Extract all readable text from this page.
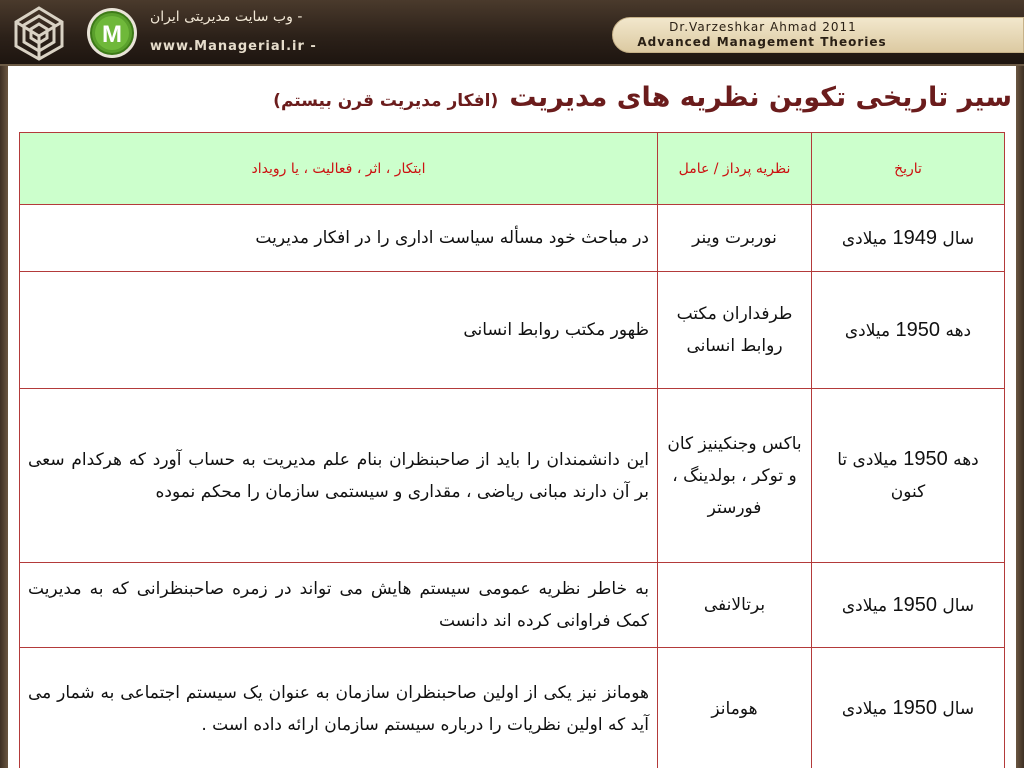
M
- وب سایت مدیریتی ایران
www.Managerial.ir -
Dr.Varzeshkar Ahmad 2011
Advanced Management Theories
سیر تاریخی تکوین نظریه های مدیریت (افکار مدیریت قرن بیستم)
تاریخ	نظریه پرداز / عامل	ابتکار ، اثر ، فعالیت ، یا رویداد
سال 1949 میلادی	نوربرت وینر	در مباحث خود مسأله سیاست اداری را در افکار مدیریت
دهه 1950 میلادی	طرفداران مکتب روابط انسانی	ظهور مکتب روابط انسانی
دهه 1950 میلادی تا کنون	باکس وجنکینیز کان و توکر ، بولدینگ ، فورستر	این دانشمندان را باید از صاحبنظران بنام علم مدیریت به حساب آورد که هرکدام سعی بر آن دارند مبانی ریاضی ، مقداری و سیستمی سازمان را محکم نموده
سال 1950 میلادی	برتالانفی	به خاطر نظریه عمومی سیستم هایش می تواند در زمره صاحبنظرانی که به مدیریت کمک فراوانی کرده اند دانست
سال 1950 میلادی	هومانز	هومانز نیز یکی از اولین صاحبنظران سازمان به عنوان یک سیستم اجتماعی به شمار می آید که اولین نظریات را درباره سیستم سازمان ارائه داده است .
